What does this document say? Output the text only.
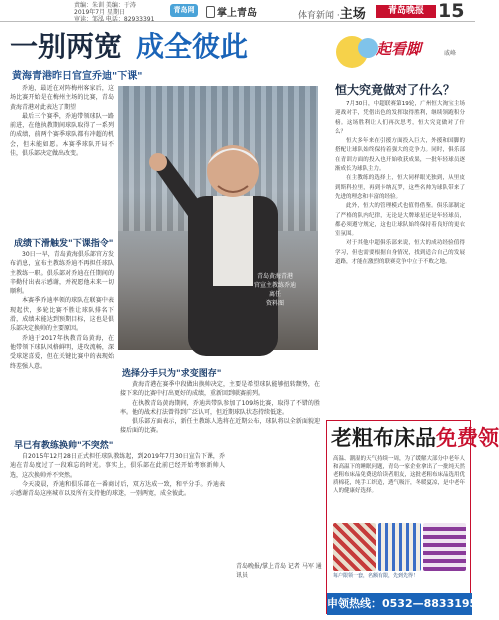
责编：朱训 美编：于涛
2019年7月 星期日
审读：邹泓 电话：82933391
青岛网	掌上青岛	体育新闻 ·主场	青岛晚报 15
一别两宽 成全彼此
黄海青港昨日官宣乔迪"下课"

乔迪，最近在对阵梅州客家后，这场比赛开始是在梅州主场的比赛，青岛黄海青港对此表达了期望

最后三个赛季，乔迪带领球队一路前进，在他执教期间球队取得了一系列的成绩，前两个赛季球队都有冲超的机会，但未能如愿。本赛季球队开局不佳，俱乐部决定做出改变。

成绩下滑触发"下课指令"

30日一早，青岛黄海俱乐部官方发布消息，宣布主教练乔迪不再担任球队主教练一职。俱乐部对乔迪在任期间的辛勤付出表示感谢，并祝愿他未来一切顺利。

本赛季乔迪率领的球队在联赛中表现起伏，多轮比赛不胜让球队排名下滑，成绩未能达到预期目标，这也是俱乐部决定换帅的主要原因。

乔迪于2017年执教青岛黄海，在他带领下球队风格鲜明，进攻流畅，深受球迷喜爱，但在关键比赛中的表现始终差强人意。

早已有教练换帅"不突然"

自2015年12月28日正式担任球队教练起，到2019年7月30日宣告下课，乔迪在青岛度过了一段难忘的时光。事实上，俱乐部在此前已经开始考察新帅人选，这次换帅并不突然。

今天凌晨，乔迪和俱乐部在一番商讨后，双方达成一致，和平分手。乔迪表示感谢青岛这座城市以及所有支持他的球迷，一别两宽，成全彼此。

青岛黄海青港
官宣主教练乔迪
离任
资料图
选择分手只为"求变图存"

黄海青港在赛季中段做出换帅决定，主要是希望球队能够扭转颓势，在接下来的比赛中打出更好的成绩，重新回到联赛前列。

在执教青岛黄海期间，乔迪共带队参加了109场比赛，取得了不错的胜率。他的战术打法曾得到广泛认可，但近期球队状态持续低迷。

俱乐部方面表示，新任主教练人选将在近期公布，球队将以全新面貌迎接后面的比赛。

青岛晚报/掌上青岛 记者 马军 通讯员
起看脚	戚峰
恒大究竟做对了什么？

7月30日，中超联赛第19轮，广州恒大淘宝主场迎战对手，凭借出色的发挥取得胜利，继续领跑积分榜。这场胜利让人们再次思考，恒大究竟做对了什么？

恒大多年来在引援方面投入巨大，外援和国脚的搭配让球队始终保持着强大的竞争力。同时，俱乐部在青训方面的投入也开始收获成果，一批年轻球员逐渐成长为球队主力。

在主教练的选择上，恒大同样眼光独到，从里皮到斯科拉里，再到卡纳瓦罗，这些名帅为球队带来了先进的理念和丰富的经验。

此外，恒大的管理模式也值得借鉴。俱乐部制定了严格的队内纪律，无论是大牌球星还是年轻球员，都必须遵守规定，这也让球队始终保持着良好的更衣室氛围。

对于其他中超俱乐部来说，恒大的成功经验值得学习，但也需要根据自身情况，找到适合自己的发展道路，才能在激烈的联赛竞争中立于不败之地。

老粗布床品免费领
高温、潮湿的天气持续一周，为了缓解大部分中老年人和高温下的睡眠问题，青岛一家企业拿出了一批纯天然老粗布床品免费送给读者朋友，这批老粗布床品选用优质棉花，纯手工织造，透气吸汗，冬暖夏凉，是中老年人的健康好选择。
每户限领一套，名额有限，先到先得！
申领热线：0532—88331957
